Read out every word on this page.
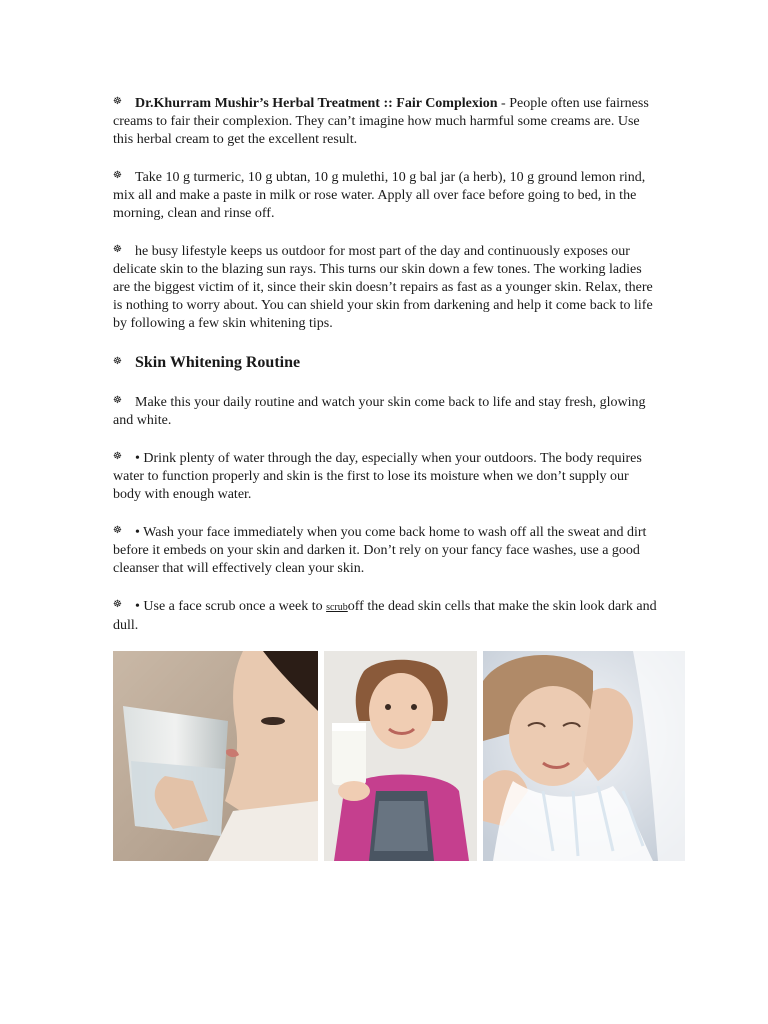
☸ Dr.Khurram Mushir’s Herbal Treatment :: Fair Complexion - People often use fairness creams to fair their complexion. They can’t imagine how much harmful some creams are. Use this herbal cream to get the excellent result.

☸ Take 10 g turmeric, 10 g ubtan, 10 g mulethi, 10 g bal jar (a herb), 10 g ground lemon rind, mix all and make a paste in milk or rose water. Apply all over face before going to bed, in the morning, clean and rinse off.

☸ he busy lifestyle keeps us outdoor for most part of the day and continuously exposes our delicate skin to the blazing sun rays. This turns our skin down a few tones. The working ladies are the biggest victim of it, since their skin doesn’t repairs as fast as a younger skin. Relax, there is nothing to worry about. You can shield your skin from darkening and help it come back to life by following a few skin whitening tips.

☸ Skin Whitening Routine

☸ Make this your daily routine and watch your skin come back to life and stay fresh, glowing and white.

☸ • Drink plenty of water through the day, especially when your outdoors. The body requires water to function properly and skin is the first to lose its moisture when we don’t supply our body with enough water.

☸ • Wash your face immediately when you come back home to wash off all the sweat and dirt before it embeds on your skin and darken it. Don’t rely on your fancy face washes, use a good cleanser that will effectively clean your skin.

☸ • Use a face scrub once a week to scruboff the dead skin cells that make the skin look dark and dull.
